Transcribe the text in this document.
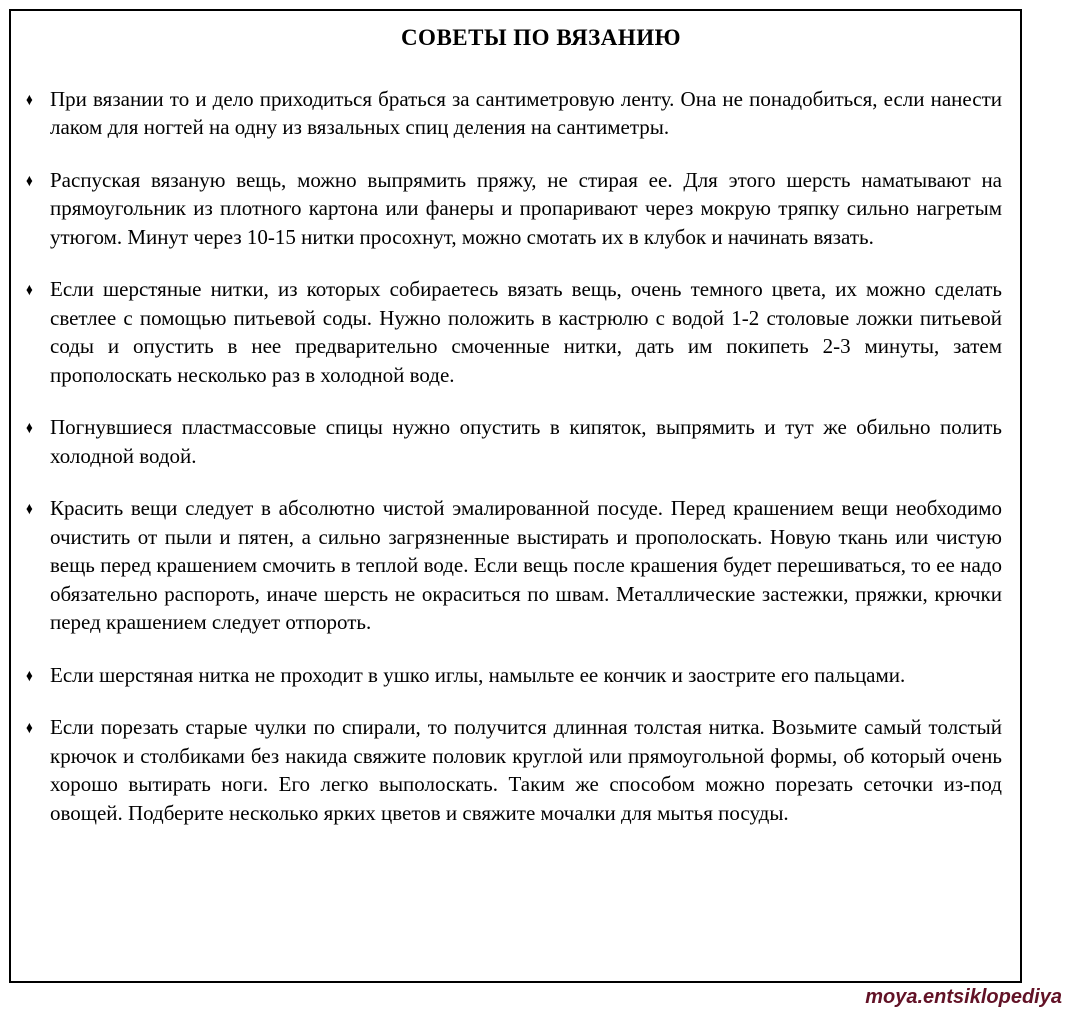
СОВЕТЫ ПО ВЯЗАНИЮ
♦ При вязании то и дело приходиться браться за сантиметровую ленту. Она не понадобиться, если нанести лаком для ногтей на одну из вязальных спиц деления на сантиметры.
♦ Распуская вязаную вещь, можно выпрямить пряжу, не стирая ее. Для этого шерсть наматывают на прямоугольник из плотного картона или фанеры и пропаривают через мокрую тряпку сильно нагретым утюгом. Минут через 10-15 нитки просохнут, можно смотать их в клубок и начинать вязать.
♦ Если шерстяные нитки, из которых собираетесь вязать вещь, очень темного цвета, их можно сделать светлее с помощью питьевой соды. Нужно положить в кастрюлю с водой 1-2 столовые ложки питьевой соды и опустить в нее предварительно смоченные нитки, дать им покипеть 2-3 минуты, затем прополоскать несколько раз в холодной воде.
♦ Погнувшиеся пластмассовые спицы нужно опустить в кипяток, выпрямить и тут же обильно полить холодной водой.
♦ Красить вещи следует в абсолютно чистой эмалированной посуде. Перед крашением вещи необходимо очистить от пыли и пятен, а сильно загрязненные выстирать и прополоскать. Новую ткань или чистую вещь перед крашением смочить в теплой воде. Если вещь после крашения будет перешиваться, то ее надо обязательно распороть, иначе шерсть не окраситься по швам. Металлические застежки, пряжки, крючки перед крашением следует отпороть.
♦ Если шерстяная нитка не проходит в ушко иглы, намыльте ее кончик и заострите его пальцами.
♦ Если порезать старые чулки по спирали, то получится длинная толстая нитка. Возьмите самый толстый крючок и столбиками без накида свяжите половик круглой или прямоугольной формы, об который очень хорошо вытирать ноги. Его легко выполоскать. Таким же способом можно порезать сеточки из-под овощей. Подберите несколько ярких цветов и свяжите мочалки для мытья посуды.
moya.entsiklopediya
